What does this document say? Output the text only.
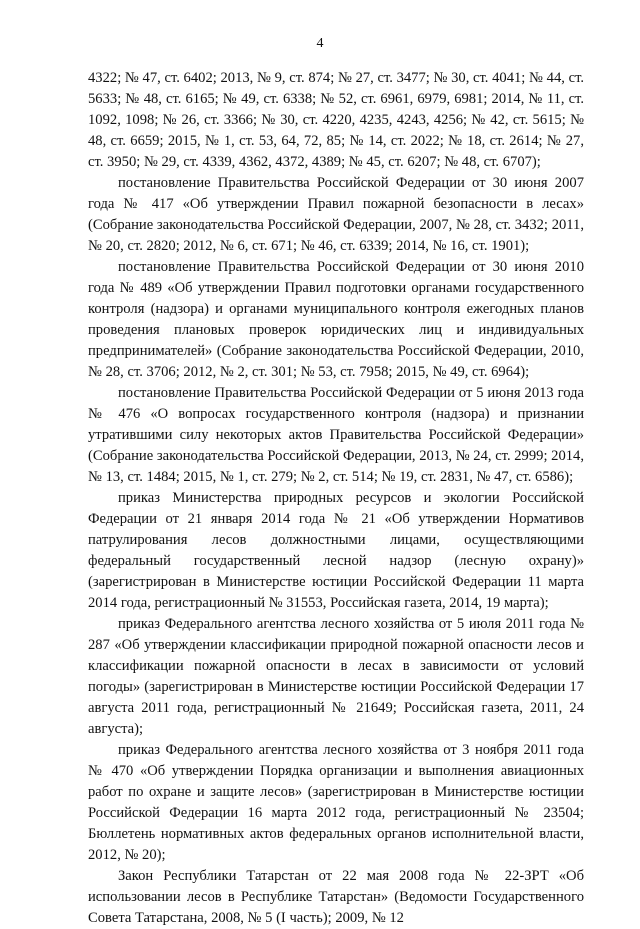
4

4322; № 47, ст. 6402; 2013, № 9, ст. 874; № 27, ст. 3477; № 30, ст. 4041; № 44, ст. 5633; № 48, ст. 6165; № 49, ст. 6338; № 52, ст. 6961, 6979, 6981; 2014, № 11, ст. 1092, 1098; № 26, ст. 3366; № 30, ст. 4220, 4235, 4243, 4256; № 42, ст. 5615; № 48, ст. 6659; 2015, № 1, ст. 53, 64, 72, 85; № 14, ст. 2022; № 18, ст. 2614; № 27, ст. 3950; № 29, ст. 4339, 4362, 4372, 4389; № 45, ст. 6207; № 48, ст. 6707);

постановление Правительства Российской Федерации от 30 июня 2007 года № 417 «Об утверждении Правил пожарной безопасности в лесах» (Собрание законодательства Российской Федерации, 2007, № 28, ст. 3432; 2011, № 20, ст. 2820; 2012, № 6, ст. 671; № 46, ст. 6339; 2014, № 16, ст. 1901);

постановление Правительства Российской Федерации от 30 июня 2010 года № 489 «Об утверждении Правил подготовки органами государственного контроля (надзора) и органами муниципального контроля ежегодных планов проведения плановых проверок юридических лиц и индивидуальных предпринимателей» (Собрание законодательства Российской Федерации, 2010, № 28, ст. 3706; 2012, № 2, ст. 301; № 53, ст. 7958; 2015, № 49, ст. 6964);

постановление Правительства Российской Федерации от 5 июня 2013 года № 476 «О вопросах государственного контроля (надзора) и признании утратившими силу некоторых актов Правительства Российской Федерации» (Собрание законодательства Российской Федерации, 2013, № 24, ст. 2999; 2014, № 13, ст. 1484; 2015, № 1, ст. 279; № 2, ст. 514; № 19, ст. 2831, № 47, ст. 6586);

приказ Министерства природных ресурсов и экологии Российской Федерации от 21 января 2014 года № 21 «Об утверждении Нормативов патрулирования лесов должностными лицами, осуществляющими федеральный государственный лесной надзор (лесную охрану)» (зарегистрирован в Министерстве юстиции Российской Федерации 11 марта 2014 года, регистрационный № 31553, Российская газета, 2014, 19 марта);

приказ Федерального агентства лесного хозяйства от 5 июля 2011 года № 287 «Об утверждении классификации природной пожарной опасности лесов и классификации пожарной опасности в лесах в зависимости от условий погоды» (зарегистрирован в Министерстве юстиции Российской Федерации 17 августа 2011 года, регистрационный № 21649; Российская газета, 2011, 24 августа);

приказ Федерального агентства лесного хозяйства от 3 ноября 2011 года № 470 «Об утверждении Порядка организации и выполнения авиационных работ по охране и защите лесов» (зарегистрирован в Министерстве юстиции Российской Федерации 16 марта 2012 года, регистрационный № 23504; Бюллетень нормативных актов федеральных органов исполнительной власти, 2012, № 20);

Закон Республики Татарстан от 22 мая 2008 года № 22-ЗРТ «Об использовании лесов в Республике Татарстан» (Ведомости Государственного Совета Татарстана, 2008, № 5 (I часть); 2009, № 12
